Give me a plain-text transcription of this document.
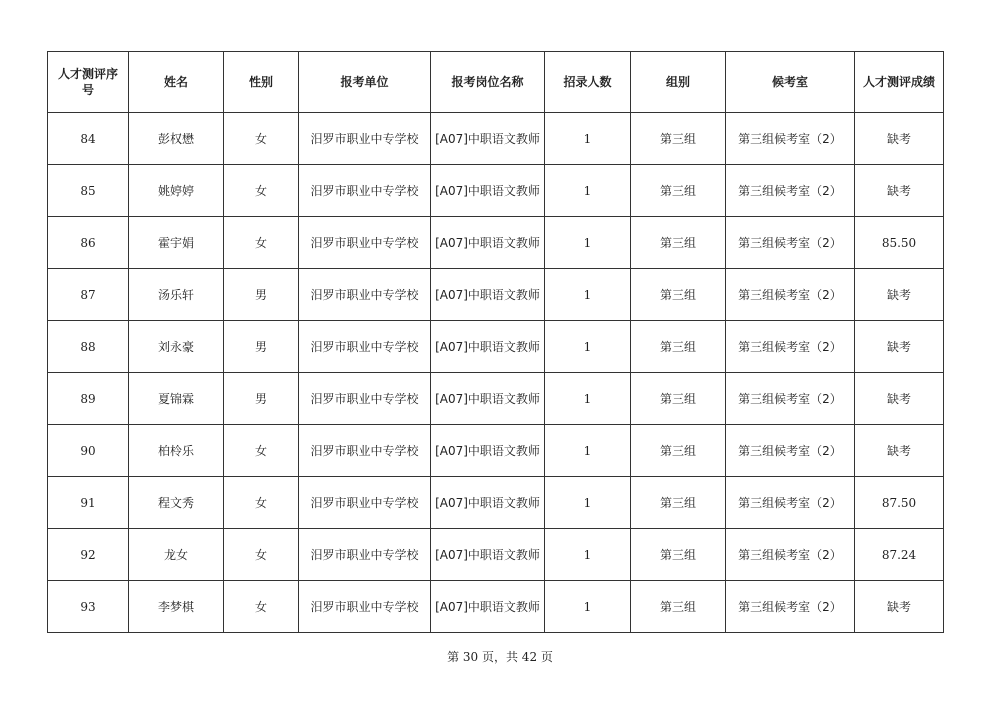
人才测评序号	姓名	性别	报考单位	报考岗位名称	招录人数	组别	候考室	人才测评成绩
84	彭权懋	女	汨罗市职业中专学校	[A07]中职语文教师	1	第三组	第三组候考室（2）	缺考
85	姚婷婷	女	汨罗市职业中专学校	[A07]中职语文教师	1	第三组	第三组候考室（2）	缺考
86	霍宇娟	女	汨罗市职业中专学校	[A07]中职语文教师	1	第三组	第三组候考室（2）	85.50
87	汤乐轩	男	汨罗市职业中专学校	[A07]中职语文教师	1	第三组	第三组候考室（2）	缺考
88	刘永豪	男	汨罗市职业中专学校	[A07]中职语文教师	1	第三组	第三组候考室（2）	缺考
89	夏锦霖	男	汨罗市职业中专学校	[A07]中职语文教师	1	第三组	第三组候考室（2）	缺考
90	柏柃乐	女	汨罗市职业中专学校	[A07]中职语文教师	1	第三组	第三组候考室（2）	缺考
91	程文秀	女	汨罗市职业中专学校	[A07]中职语文教师	1	第三组	第三组候考室（2）	87.50
92	龙女	女	汨罗市职业中专学校	[A07]中职语文教师	1	第三组	第三组候考室（2）	87.24
93	李梦棋	女	汨罗市职业中专学校	[A07]中职语文教师	1	第三组	第三组候考室（2）	缺考
第 30 页，共 42 页
